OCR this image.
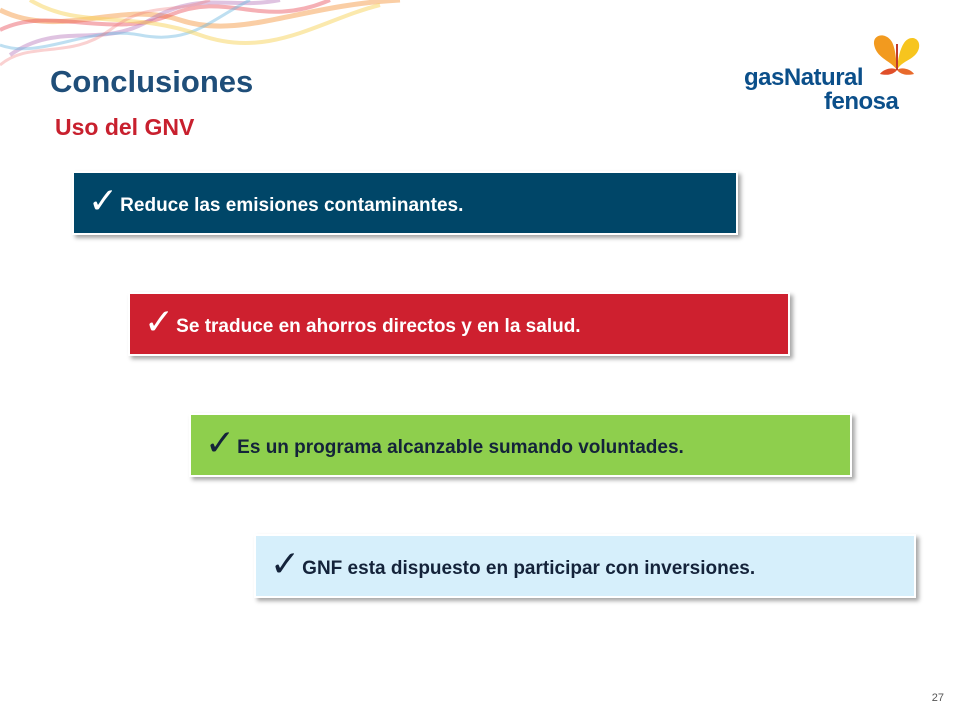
Conclusiones
Uso del GNV
gasNatural
fenosa
✓ Reduce las emisiones contaminantes.
✓ Se traduce en ahorros directos y en la salud.
✓ Es un programa alcanzable sumando voluntades.
✓ GNF esta dispuesto en participar con inversiones.
27
